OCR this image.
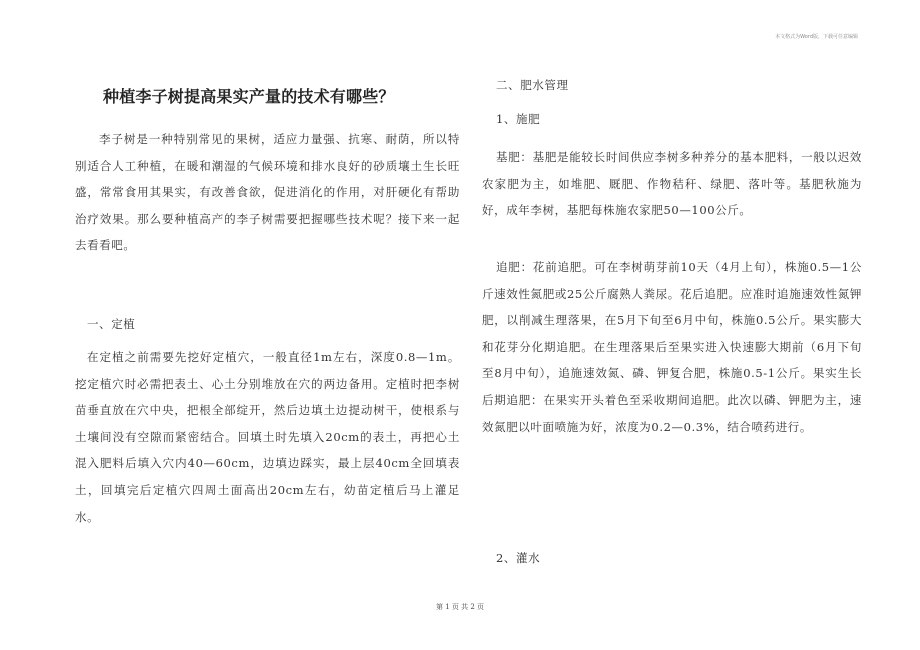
本文格式为Word版，下载可任意编辑
种植李子树提高果实产量的技术有哪些？

李子树是一种特别常见的果树，适应力量强、抗寒、耐荫，所以特别适合人工种植，在暖和潮湿的气候环境和排水良好的砂质壤土生长旺盛，常常食用其果实，有改善食欲，促进消化的作用，对肝硬化有帮助治疗效果。那么要种植高产的李子树需要把握哪些技术呢？接下来一起去看看吧。

一、定植

在定植之前需要先挖好定植穴，一般直径1m左右，深度0.8—1m。挖定植穴时必需把表土、心土分别堆放在穴的两边备用。定植时把李树苗垂直放在穴中央，把根全部绽开，然后边填土边提动树干，使根系与土壤间没有空隙而紧密结合。回填土时先填入20cm的表土，再把心土混入肥料后填入穴内40—60cm，边填边踩实，最上层40cm全回填表土，回填完后定植穴四周土面高出20cm左右，幼苗定植后马上灌足水。

二、肥水管理

1、施肥

基肥：基肥是能较长时间供应李树多种养分的基本肥料，一般以迟效农家肥为主，如堆肥、厩肥、作物秸秆、绿肥、落叶等。基肥秋施为好，成年李树，基肥每株施农家肥50—100公斤。

追肥：花前追肥。可在李树萌芽前10天（4月上旬），株施0.5—1公斤速效性氮肥或25公斤腐熟人粪尿。花后追肥。应准时追施速效性氮钾肥，以削减生理落果，在5月下旬至6月中旬，株施0.5公斤。果实膨大和花芽分化期追肥。在生理落果后至果实进入快速膨大期前（6月下旬至8月中旬），追施速效氮、磷、钾复合肥，株施0.5-1公斤。果实生长后期追肥：在果实开头着色至采收期间追肥。此次以磷、钾肥为主，速效氮肥以叶面喷施为好，浓度为0.2—0.3%，结合喷药进行。

2、灌水

第 1 页 共 2 页
